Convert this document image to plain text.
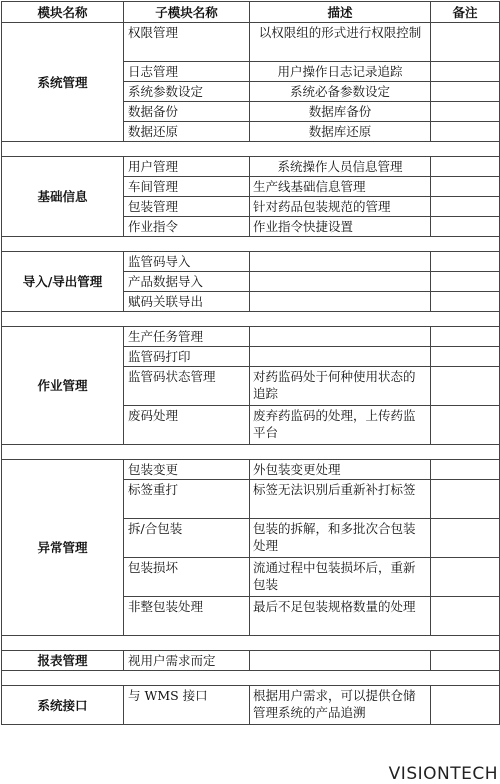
模块名称	子模块名称	描述	备注
系统管理	权限管理	以权限组的形式进行权限控制	
	日志管理	用户操作日志记录追踪	
	系统参数设定	系统必备参数设定	
	数据备份	数据库备份	
	数据还原	数据库还原	

基础信息	用户管理	系统操作人员信息管理	
	车间管理	生产线基础信息管理	
	包装管理	针对药品包装规范的管理	
	作业指令	作业指令快捷设置	

导入/导出管理	监管码导入		
	产品数据导入		
	赋码关联导出		

作业管理	生产任务管理		
	监管码打印		
	监管码状态管理	对药监码处于何种使用状态的追踪	
	废码处理	废弃药监码的处理，上传药监平台	

异常管理	包装变更	外包装变更处理	
	标签重打	标签无法识别后重新补打标签	
	拆/合包装	包装的拆解，和多批次合包装处理	
	包装损坏	流通过程中包装损坏后，重新包装	
	非整包装处理	最后不足包装规格数量的处理	

报表管理	视用户需求而定		

系统接口	与 WMS 接口	根据用户需求，可以提供仓储管理系统的产品追溯	
VISIONTECH
